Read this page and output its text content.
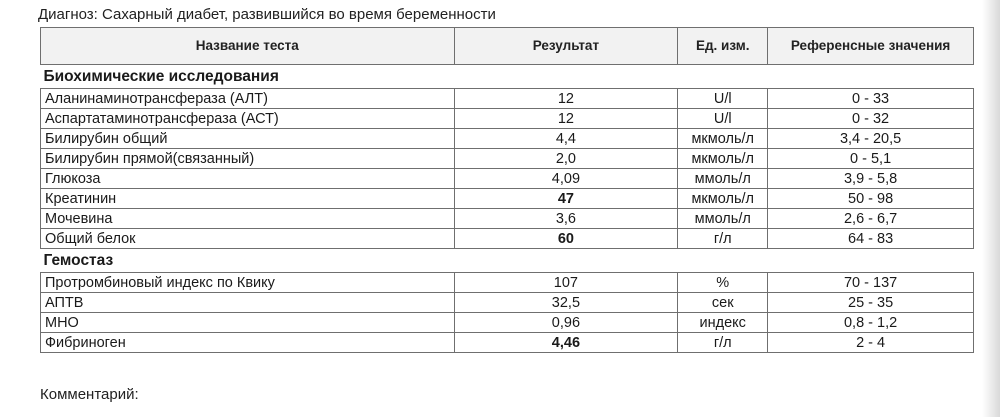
Диагноз: Сахарный диабет, развившийся во время беременности
Название теста	Результат	Ед. изм.	Референсные значения
Биохимические исследования			
Аланинаминотрансфераза (АЛТ)	12	U/l	0 - 33
Аспартатаминотрансфераза (АСТ)	12	U/l	0 - 32
Билирубин общий	4,4	мкмоль/л	3,4 - 20,5
Билирубин прямой(связанный)	2,0	мкмоль/л	0 - 5,1
Глюкоза	4,09	ммоль/л	3,9 - 5,8
Креатинин	47	мкмоль/л	50 - 98
Мочевина	3,6	ммоль/л	2,6 - 6,7
Общий белок	60	г/л	64 - 83
Гемостаз			
Протромбиновый индекс по Квику	107	%	70 - 137
АПТВ	32,5	сек	25 - 35
МНО	0,96	индекс	0,8 - 1,2
Фибриноген	4,46	г/л	2 - 4
Комментарий:
